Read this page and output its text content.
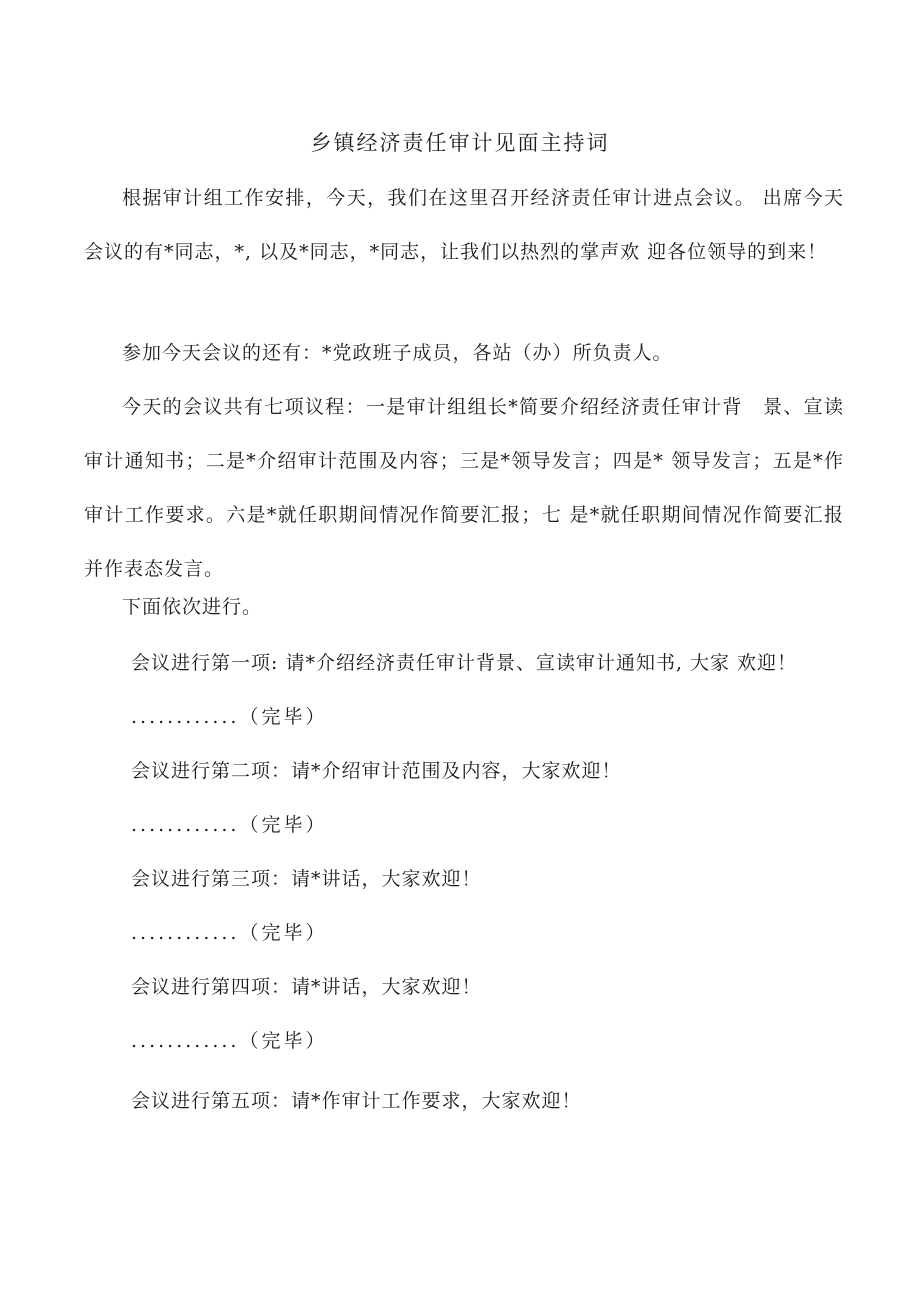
乡镇经济责任审计见面主持词
根据审计组工作安排，今天，我们在这里召开经济责任审计进点会议。 出席今天会议的有*同志，*, 以及*同志，*同志，让我们以热烈的掌声欢 迎各位领导的到来！
参加今天会议的还有：*党政班子成员，各站（办）所负责人。
今天的会议共有七项议程：一是审计组组长*简要介绍经济责任审计背　景、宣读审计通知书；二是*介绍审计范围及内容；三是*领导发言；四是* 领导发言；五是*作审计工作要求。六是*就任职期间情况作简要汇报；七 是*就任职期间情况作简要汇报并作表态发言。
下面依次进行。
会议进行第一项: 请*介绍经济责任审计背景、宣读审计通知书, 大家 欢迎！
............（完毕）
会议进行第二项：请*介绍审计范围及内容，大家欢迎！
............（完毕）
会议进行第三项：请*讲话，大家欢迎！
............（完毕）
会议进行第四项：请*讲话，大家欢迎！
............（完毕）
会议进行第五项：请*作审计工作要求，大家欢迎！
